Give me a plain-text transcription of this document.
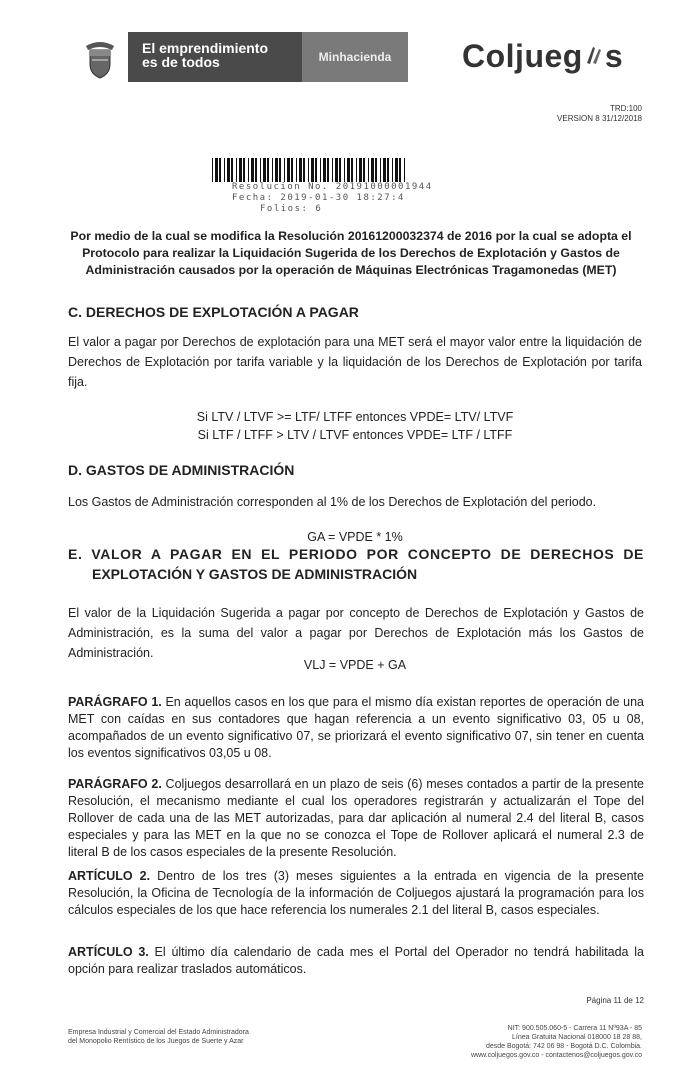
El emprendimiento
es de todos	Minhacienda	Coljueg s
TRD:100
VERSION 8 31/12/2018
Resolucion No. 20191000001944
Fecha: 2019-01-30 18:27:4
Folios: 6
Por medio de la cual se modifica la Resolución 20161200032374 de 2016 por la cual se adopta el Protocolo para realizar la Liquidación Sugerida de los Derechos de Explotación y Gastos de Administración causados por la operación de Máquinas Electrónicas Tragamonedas (MET)
C. DERECHOS DE EXPLOTACIÓN A PAGAR
El valor a pagar por Derechos de explotación para una MET será el mayor valor entre la liquidación de Derechos de Explotación por tarifa variable y la liquidación de los Derechos de Explotación por tarifa fija.
Si LTV / LTVF >= LTF/ LTFF entonces VPDE= LTV/ LTVF
Si LTF / LTFF > LTV / LTVF entonces VPDE= LTF / LTFF
D. GASTOS DE ADMINISTRACIÓN
Los Gastos de Administración corresponden al 1% de los Derechos de Explotación del periodo.
GA = VPDE * 1%
E. VALOR A PAGAR EN EL PERIODO POR CONCEPTO DE DERECHOS DE
EXPLOTACIÓN Y GASTOS DE ADMINISTRACIÓN
El valor de la Liquidación Sugerida a pagar por concepto de Derechos de Explotación y Gastos de Administración, es la suma del valor a pagar por Derechos de Explotación más los Gastos de Administración.
VLJ = VPDE + GA
PARÁGRAFO 1. En aquellos casos en los que para el mismo día existan reportes de operación de una MET con caídas en sus contadores que hagan referencia a un evento significativo 03, 05 u 08, acompañados de un evento significativo 07, se priorizará el evento significativo 07, sin tener en cuenta los eventos significativos 03,05 u 08.
PARÁGRAFO 2. Coljuegos desarrollará en un plazo de seis (6) meses contados a partir de la presente Resolución, el mecanismo mediante el cual los operadores registrarán y actualizarán el Tope del Rollover de cada una de las MET autorizadas, para dar aplicación al numeral 2.4 del literal B, casos especiales y para las MET en la que no se conozca el Tope de Rollover aplicará el numeral 2.3 de literal B de los casos especiales de la presente Resolución.
ARTÍCULO 2. Dentro de los tres (3) meses siguientes a la entrada en vigencia de la presente Resolución, la Oficina de Tecnología de la información de Coljuegos ajustará la programación para los cálculos especiales de los que hace referencia los numerales 2.1 del literal B, casos especiales.
ARTÍCULO 3. El último día calendario de cada mes el Portal del Operador no tendrá habilitada la opción para realizar traslados automáticos.
Página 11 de 12
Empresa Industrial y Comercial del Estado Administradora
del Monopolio Rentístico de los Juegos de Suerte y Azar
NIT: 900.505.060-5 - Carrera 11 Nº93A - 85
Línea Gratuita Nacional 018000 18 28 88,
desde Bogotá: 742 06 98 - Bogotá D.C. Colombia.
www.coljuegos.gov.co - contactenos@coljuegos.gov.co
